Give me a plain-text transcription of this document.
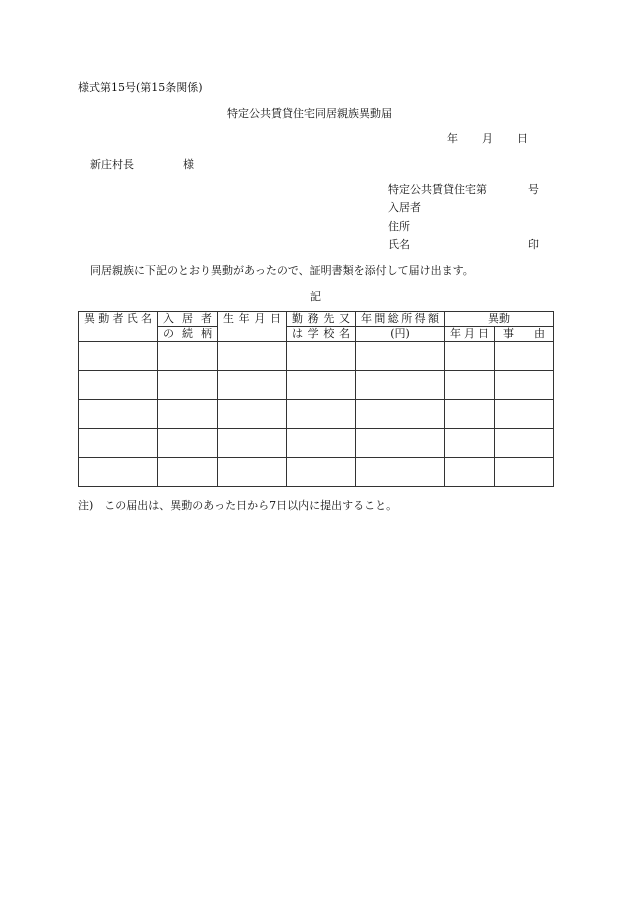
様式第15号(第15条関係)
特定公共賃貸住宅同居親族異動届
年 月 日
新庄村長	様
特定公共賃貸住宅第	号
入居者
住所
氏名	印
同居親族に下記のとおり異動があったので、証明書類を添付して届け出ます。
記
異動者氏名	入居者	生年月日	勤務先又	年間総所得額	異動	
	の続柄		は学校名	(円)	年月日	事 由

注)　この届出は、異動のあった日から7日以内に提出すること。
